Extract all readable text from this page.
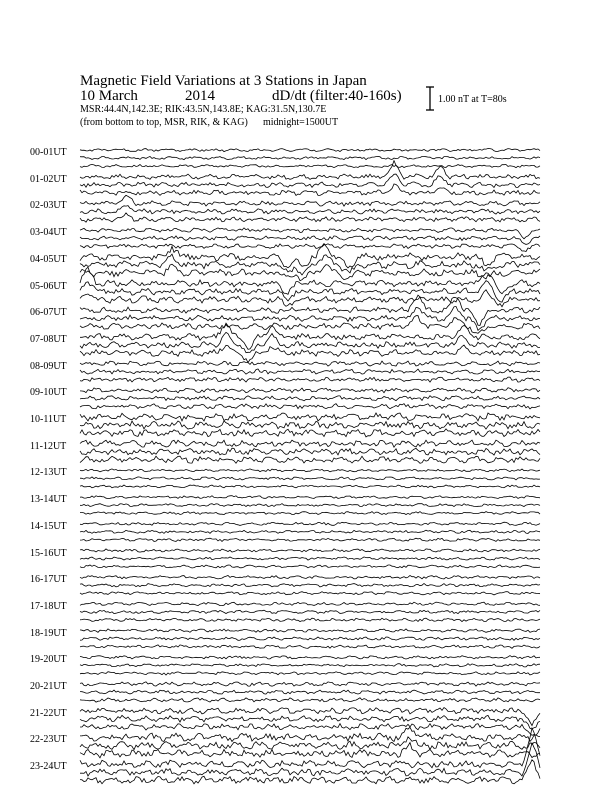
Magnetic Field Variations at 3 Stations in Japan
10 March	2014	dD/dt (filter:40-160s)
MSR:44.4N,142.3E; RIK:43.5N,143.8E; KAG:31.5N,130.7E
(from bottom to top, MSR, RIK, & KAG) midnight=1500UT
1.00 nT at T=80s
00-01UT
01-02UT
02-03UT
03-04UT
04-05UT
05-06UT
06-07UT
07-08UT
08-09UT
09-10UT
10-11UT
11-12UT
12-13UT
13-14UT
14-15UT
15-16UT
16-17UT
17-18UT
18-19UT
19-20UT
20-21UT
21-22UT
22-23UT
23-24UT
